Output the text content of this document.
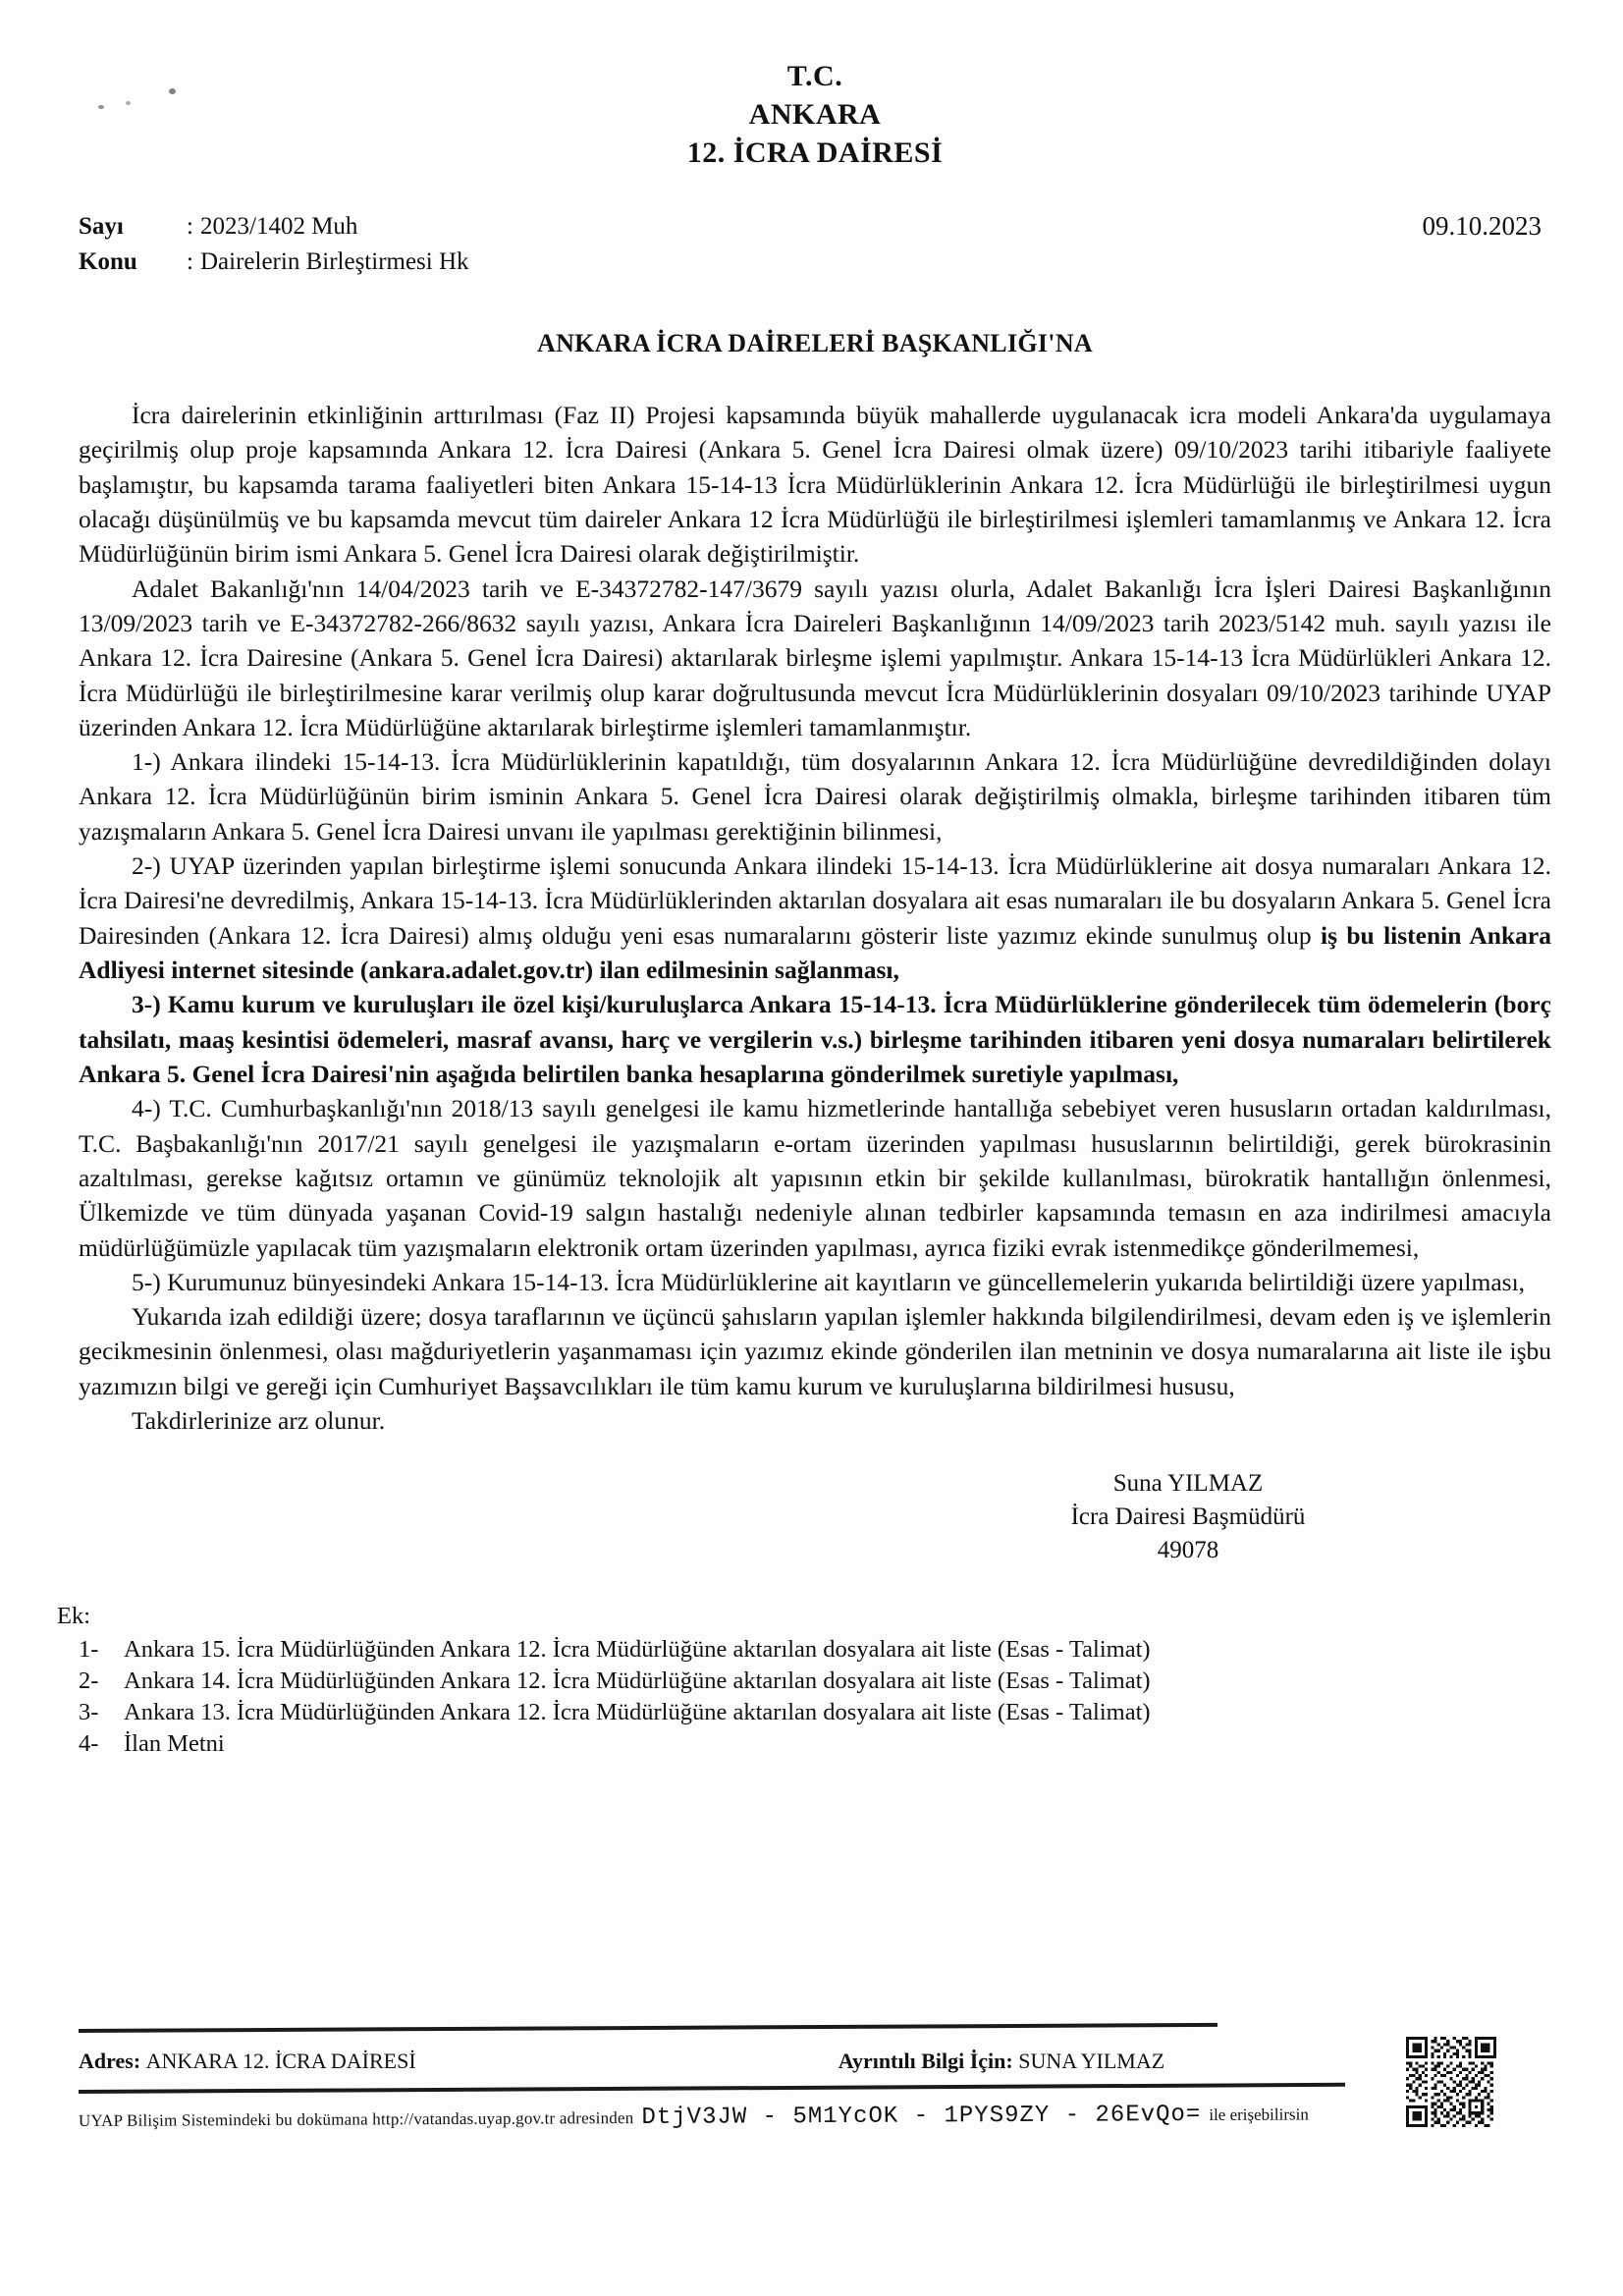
T.C.
ANKARA
12. İCRA DAİRESİ
Sayı	: 2023/1402 Muh
Konu	: Dairelerin Birleştirmesi Hk
09.10.2023
ANKARA İCRA DAİRELERİ BAŞKANLIĞI'NA

İcra dairelerinin etkinliğinin arttırılması (Faz II) Projesi kapsamında büyük mahallerde uygulanacak icra modeli Ankara'da uygulamaya geçirilmiş olup proje kapsamında Ankara 12. İcra Dairesi (Ankara 5. Genel İcra Dairesi olmak üzere) 09/10/2023 tarihi itibariyle faaliyete başlamıştır, bu kapsamda tarama faaliyetleri biten Ankara 15-14-13 İcra Müdürlüklerinin Ankara 12. İcra Müdürlüğü ile birleştirilmesi uygun olacağı düşünülmüş ve bu kapsamda mevcut tüm daireler Ankara 12 İcra Müdürlüğü ile birleştirilmesi işlemleri tamamlanmış ve Ankara 12. İcra Müdürlüğünün birim ismi Ankara 5. Genel İcra Dairesi olarak değiştirilmiştir.

Adalet Bakanlığı'nın 14/04/2023 tarih ve E-34372782-147/3679 sayılı yazısı olurla, Adalet Bakanlığı İcra İşleri Dairesi Başkanlığının 13/09/2023 tarih ve E-34372782-266/8632 sayılı yazısı, Ankara İcra Daireleri Başkanlığının 14/09/2023 tarih 2023/5142 muh. sayılı yazısı ile Ankara 12. İcra Dairesine (Ankara 5. Genel İcra Dairesi) aktarılarak birleşme işlemi yapılmıştır. Ankara 15-14-13 İcra Müdürlükleri Ankara 12. İcra Müdürlüğü ile birleştirilmesine karar verilmiş olup karar doğrultusunda mevcut İcra Müdürlüklerinin dosyaları 09/10/2023 tarihinde UYAP üzerinden Ankara 12. İcra Müdürlüğüne aktarılarak birleştirme işlemleri tamamlanmıştır.

1-) Ankara ilindeki 15-14-13. İcra Müdürlüklerinin kapatıldığı, tüm dosyalarının Ankara 12. İcra Müdürlüğüne devredildiğinden dolayı Ankara 12. İcra Müdürlüğünün birim isminin Ankara 5. Genel İcra Dairesi olarak değiştirilmiş olmakla, birleşme tarihinden itibaren tüm yazışmaların Ankara 5. Genel İcra Dairesi unvanı ile yapılması gerektiğinin bilinmesi,

2-) UYAP üzerinden yapılan birleştirme işlemi sonucunda Ankara ilindeki 15-14-13. İcra Müdürlüklerine ait dosya numaraları Ankara 12. İcra Dairesi'ne devredilmiş, Ankara 15-14-13. İcra Müdürlüklerinden aktarılan dosyalara ait esas numaraları ile bu dosyaların Ankara 5. Genel İcra Dairesinden (Ankara 12. İcra Dairesi) almış olduğu yeni esas numaralarını gösterir liste yazımız ekinde sunulmuş olup iş bu listenin Ankara Adliyesi internet sitesinde (ankara.adalet.gov.tr) ilan edilmesinin sağlanması,

3-) Kamu kurum ve kuruluşları ile özel kişi/kuruluşlarca Ankara 15-14-13. İcra Müdürlüklerine gönderilecek tüm ödemelerin (borç tahsilatı, maaş kesintisi ödemeleri, masraf avansı, harç ve vergilerin v.s.) birleşme tarihinden itibaren yeni dosya numaraları belirtilerek Ankara 5. Genel İcra Dairesi'nin aşağıda belirtilen banka hesaplarına gönderilmek suretiyle yapılması,

4-) T.C. Cumhurbaşkanlığı'nın 2018/13 sayılı genelgesi ile kamu hizmetlerinde hantallığa sebebiyet veren hususların ortadan kaldırılması, T.C. Başbakanlığı'nın 2017/21 sayılı genelgesi ile yazışmaların e-ortam üzerinden yapılması hususlarının belirtildiği, gerek bürokrasinin azaltılması, gerekse kağıtsız ortamın ve günümüz teknolojik alt yapısının etkin bir şekilde kullanılması, bürokratik hantallığın önlenmesi, Ülkemizde ve tüm dünyada yaşanan Covid-19 salgın hastalığı nedeniyle alınan tedbirler kapsamında temasın en aza indirilmesi amacıyla müdürlüğümüzle yapılacak tüm yazışmaların elektronik ortam üzerinden yapılması, ayrıca fiziki evrak istenmedikçe gönderilmemesi,

5-) Kurumunuz bünyesindeki Ankara 15-14-13. İcra Müdürlüklerine ait kayıtların ve güncellemelerin yukarıda belirtildiği üzere yapılması,

Yukarıda izah edildiği üzere; dosya taraflarının ve üçüncü şahısların yapılan işlemler hakkında bilgilendirilmesi, devam eden iş ve işlemlerin gecikmesinin önlenmesi, olası mağduriyetlerin yaşanmaması için yazımız ekinde gönderilen ilan metninin ve dosya numaralarına ait liste ile işbu yazımızın bilgi ve gereği için Cumhuriyet Başsavcılıkları ile tüm kamu kurum ve kuruluşlarına bildirilmesi hususu,

Takdirlerinize arz olunur.

Suna YILMAZ
İcra Dairesi Başmüdürü
49078
Ek:
1-	Ankara 15. İcra Müdürlüğünden Ankara 12. İcra Müdürlüğüne aktarılan dosyalara ait liste (Esas - Talimat)
2-	Ankara 14. İcra Müdürlüğünden Ankara 12. İcra Müdürlüğüne aktarılan dosyalara ait liste (Esas - Talimat)
3-	Ankara 13. İcra Müdürlüğünden Ankara 12. İcra Müdürlüğüne aktarılan dosyalara ait liste (Esas - Talimat)
4-	İlan Metni
Adres: ANKARA 12. İCRA DAİRESİ	Ayrıntılı Bilgi İçin: SUNA YILMAZ
UYAP Bilişim Sistemindeki bu dokümana http://vatandas.uyap.gov.tr adresinden DtjV3JW - 5M1YcOK - 1PYS9ZY - 26EvQo= ile erişebilirsin
